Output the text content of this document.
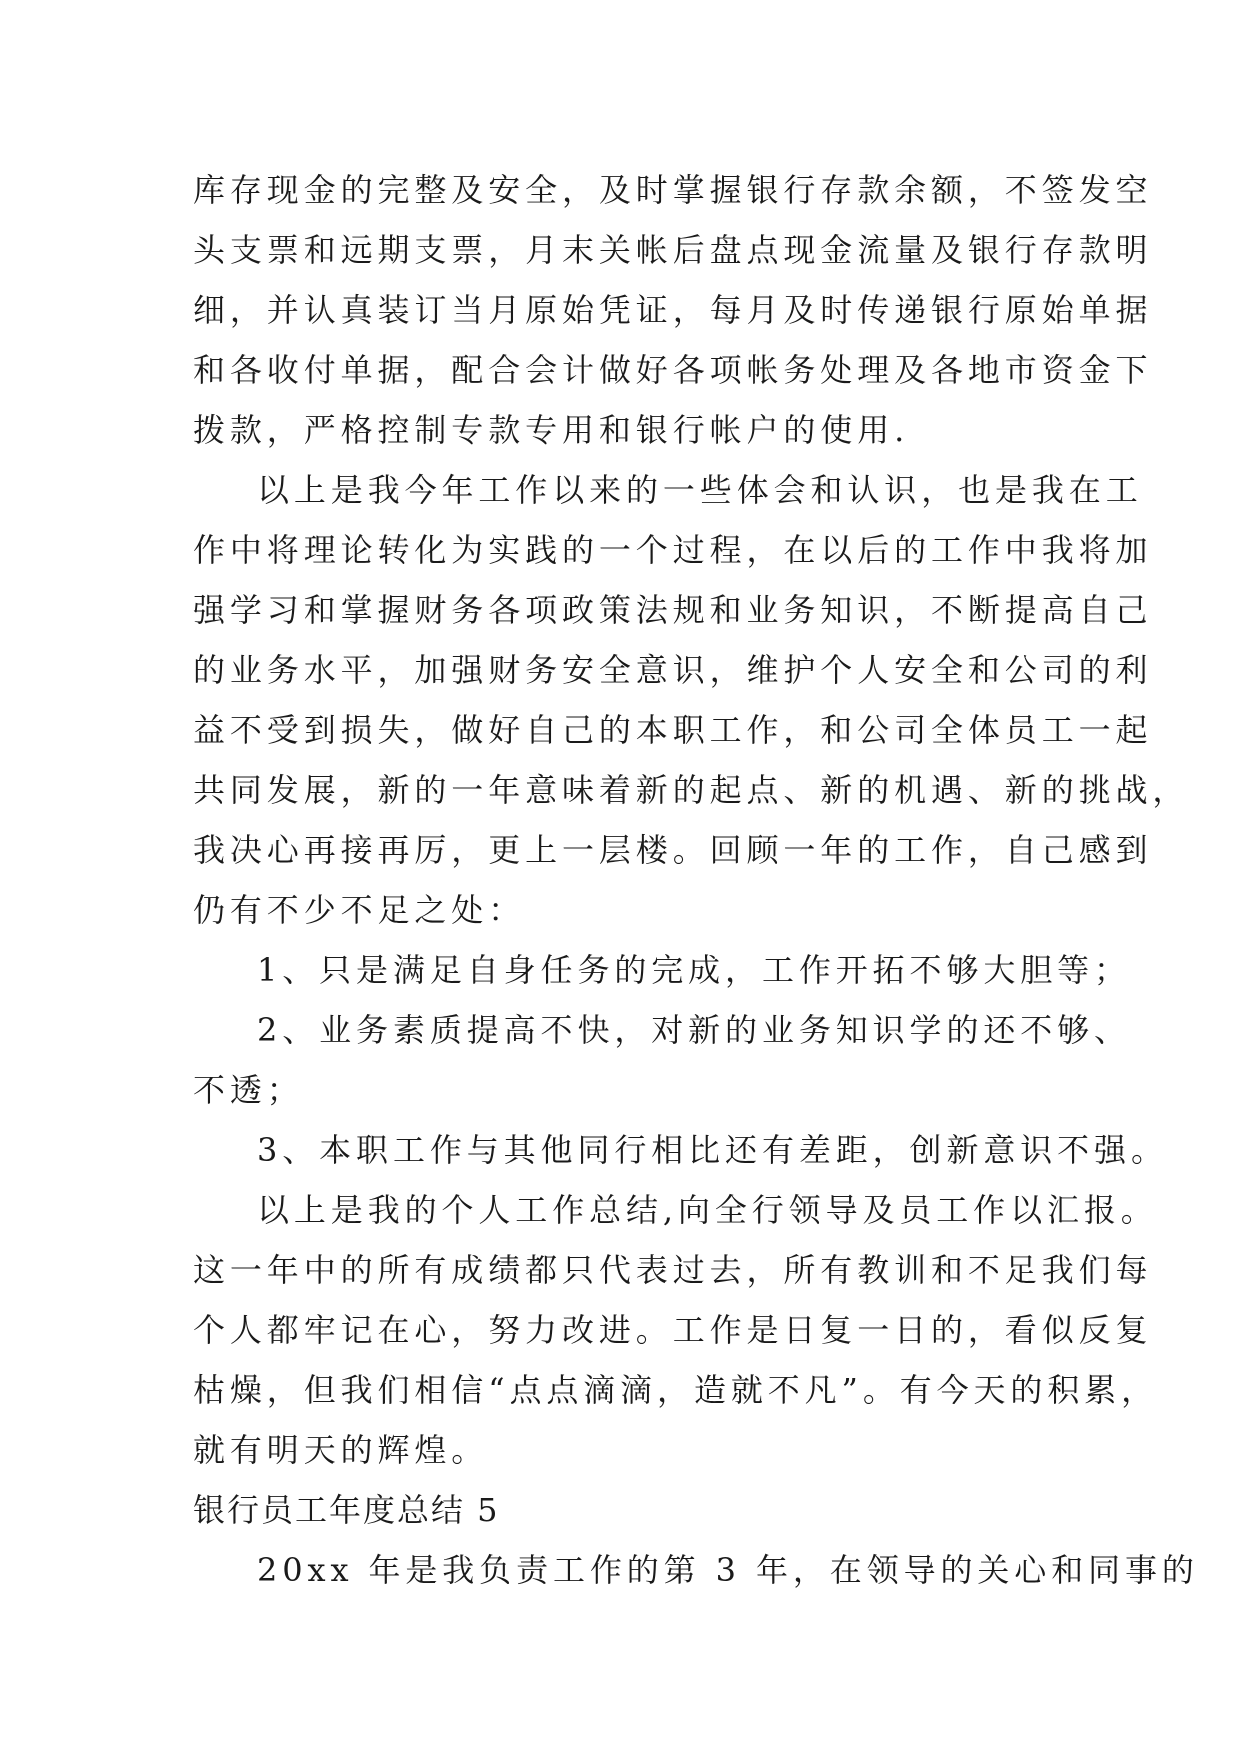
库存现金的完整及安全，及时掌握银行存款余额，不签发空
头支票和远期支票，月末关帐后盘点现金流量及银行存款明
细，并认真装订当月原始凭证，每月及时传递银行原始单据
和各收付单据，配合会计做好各项帐务处理及各地市资金下
拨款，严格控制专款专用和银行帐户的使用.
以上是我今年工作以来的一些体会和认识，也是我在工
作中将理论转化为实践的一个过程，在以后的工作中我将加
强学习和掌握财务各项政策法规和业务知识，不断提高自己
的业务水平，加强财务安全意识，维护个人安全和公司的利
益不受到损失，做好自己的本职工作，和公司全体员工一起
共同发展，新的一年意味着新的起点、新的机遇、新的挑战，
我决心再接再厉，更上一层楼。回顾一年的工作，自己感到
仍有不少不足之处：
1、只是满足自身任务的完成，工作开拓不够大胆等；
2、业务素质提高不快，对新的业务知识学的还不够、
不透；
3、本职工作与其他同行相比还有差距，创新意识不强。
以上是我的个人工作总结,向全行领导及员工作以汇报。
这一年中的所有成绩都只代表过去，所有教训和不足我们每
个人都牢记在心，努力改进。工作是日复一日的，看似反复
枯燥，但我们相信“点点滴滴，造就不凡”。有今天的积累，
就有明天的辉煌。
银行员工年度总结 5
20xx 年是我负责工作的第 3 年，在领导的关心和同事的
